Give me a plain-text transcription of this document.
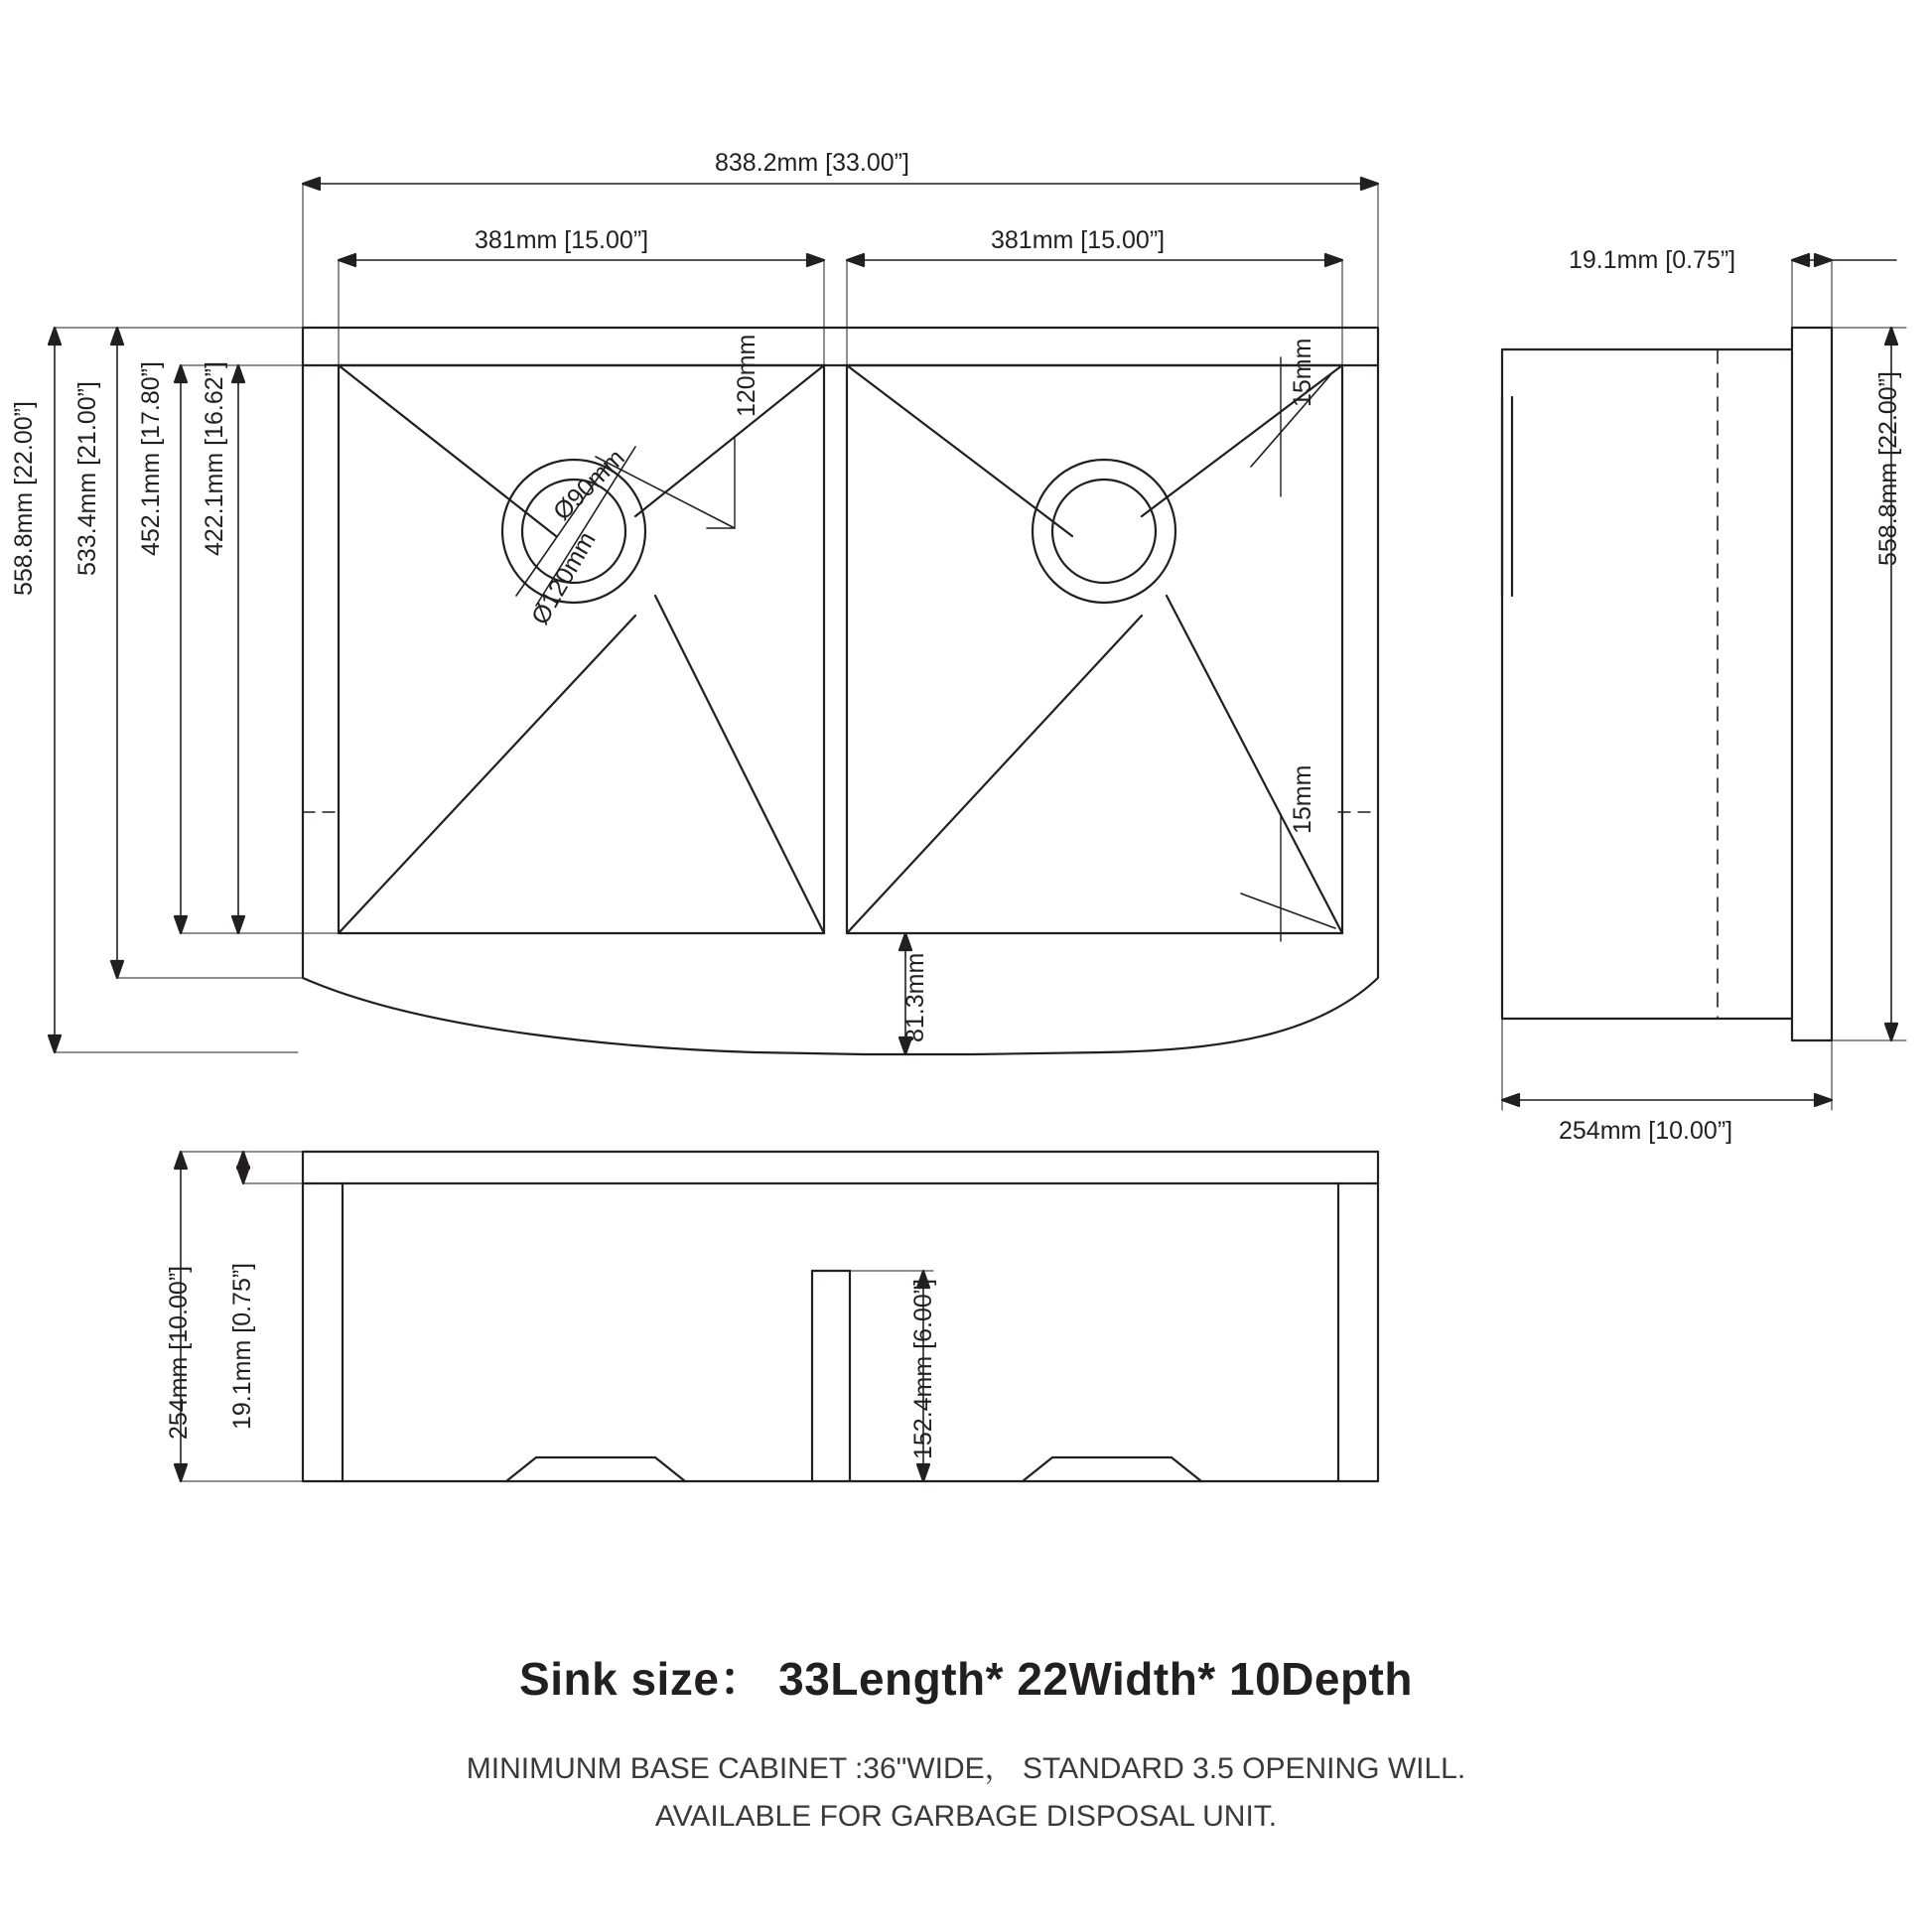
838.2mm [33.00”]
381mm [15.00”]	381mm [15.00”]
558.8mm [22.00”] 533.4mm [21.00”] 452.1mm [17.80”] 422.1mm [16.62”]	Ø90mm
Ø120mm
120mm	15mm
15mm
81.3mm
19.1mm [0.75”]
558.8mm [22.00”]
254mm [10.00”]
254mm [10.00”] 19.1mm [0.75”]	152.4mm [6.00”]
Sink size： 33Length* 22Width* 10Depth
MINIMUNM BASE CABINET :36"WIDE， STANDARD 3.5 OPENING WILL.
AVAILABLE FOR GARBAGE DISPOSAL UNIT.
